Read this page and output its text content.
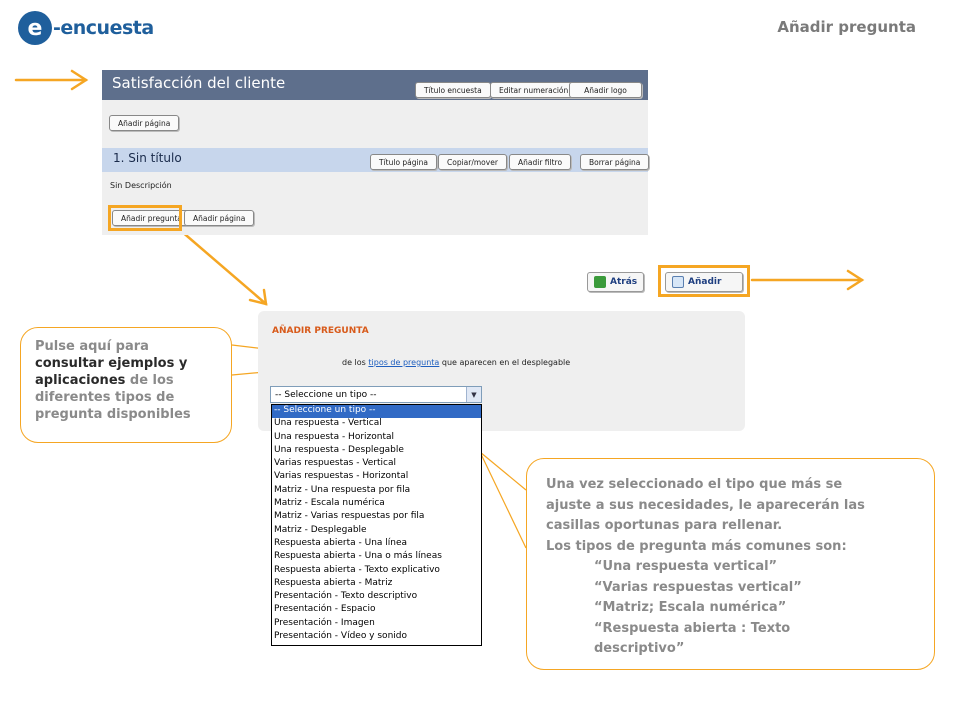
e -encuesta	Añadir pregunta
Satisfacción del cliente	Título encuesta	Editar numeración	Añadir logo
Añadir página
1. Sin título	Título página	Copiar/mover	Añadir filtro	Borrar página
Sin Descripción
Añadir pregunta	Añadir página
Atrás	Añadir
AÑADIR PREGUNTA
de los tipos de pregunta que aparecen en el desplegable
-- Seleccione un tipo --	▼
-- Seleccione un tipo --
Una respuesta - Vertical
Una respuesta - Horizontal
Una respuesta - Desplegable
Varias respuestas - Vertical
Varias respuestas - Horizontal
Matriz - Una respuesta por fila
Matriz - Escala numérica
Matriz - Varias respuestas por fila
Matriz - Desplegable
Respuesta abierta - Una línea
Respuesta abierta - Una o más líneas
Respuesta abierta - Texto explicativo
Respuesta abierta - Matriz
Presentación - Texto descriptivo
Presentación - Espacio
Presentación - Imagen
Presentación - Vídeo y sonido
Pulse aquí para
consultar ejemplos y
aplicaciones de los
diferentes tipos de
pregunta disponibles
Una vez seleccionado el tipo que más se
ajuste a sus necesidades, le aparecerán las
casillas oportunas para rellenar.
Los tipos de pregunta más comunes son:
“Una respuesta vertical”
“Varias respuestas vertical”
“Matriz; Escala numérica”
“Respuesta abierta : Texto
descriptivo”
